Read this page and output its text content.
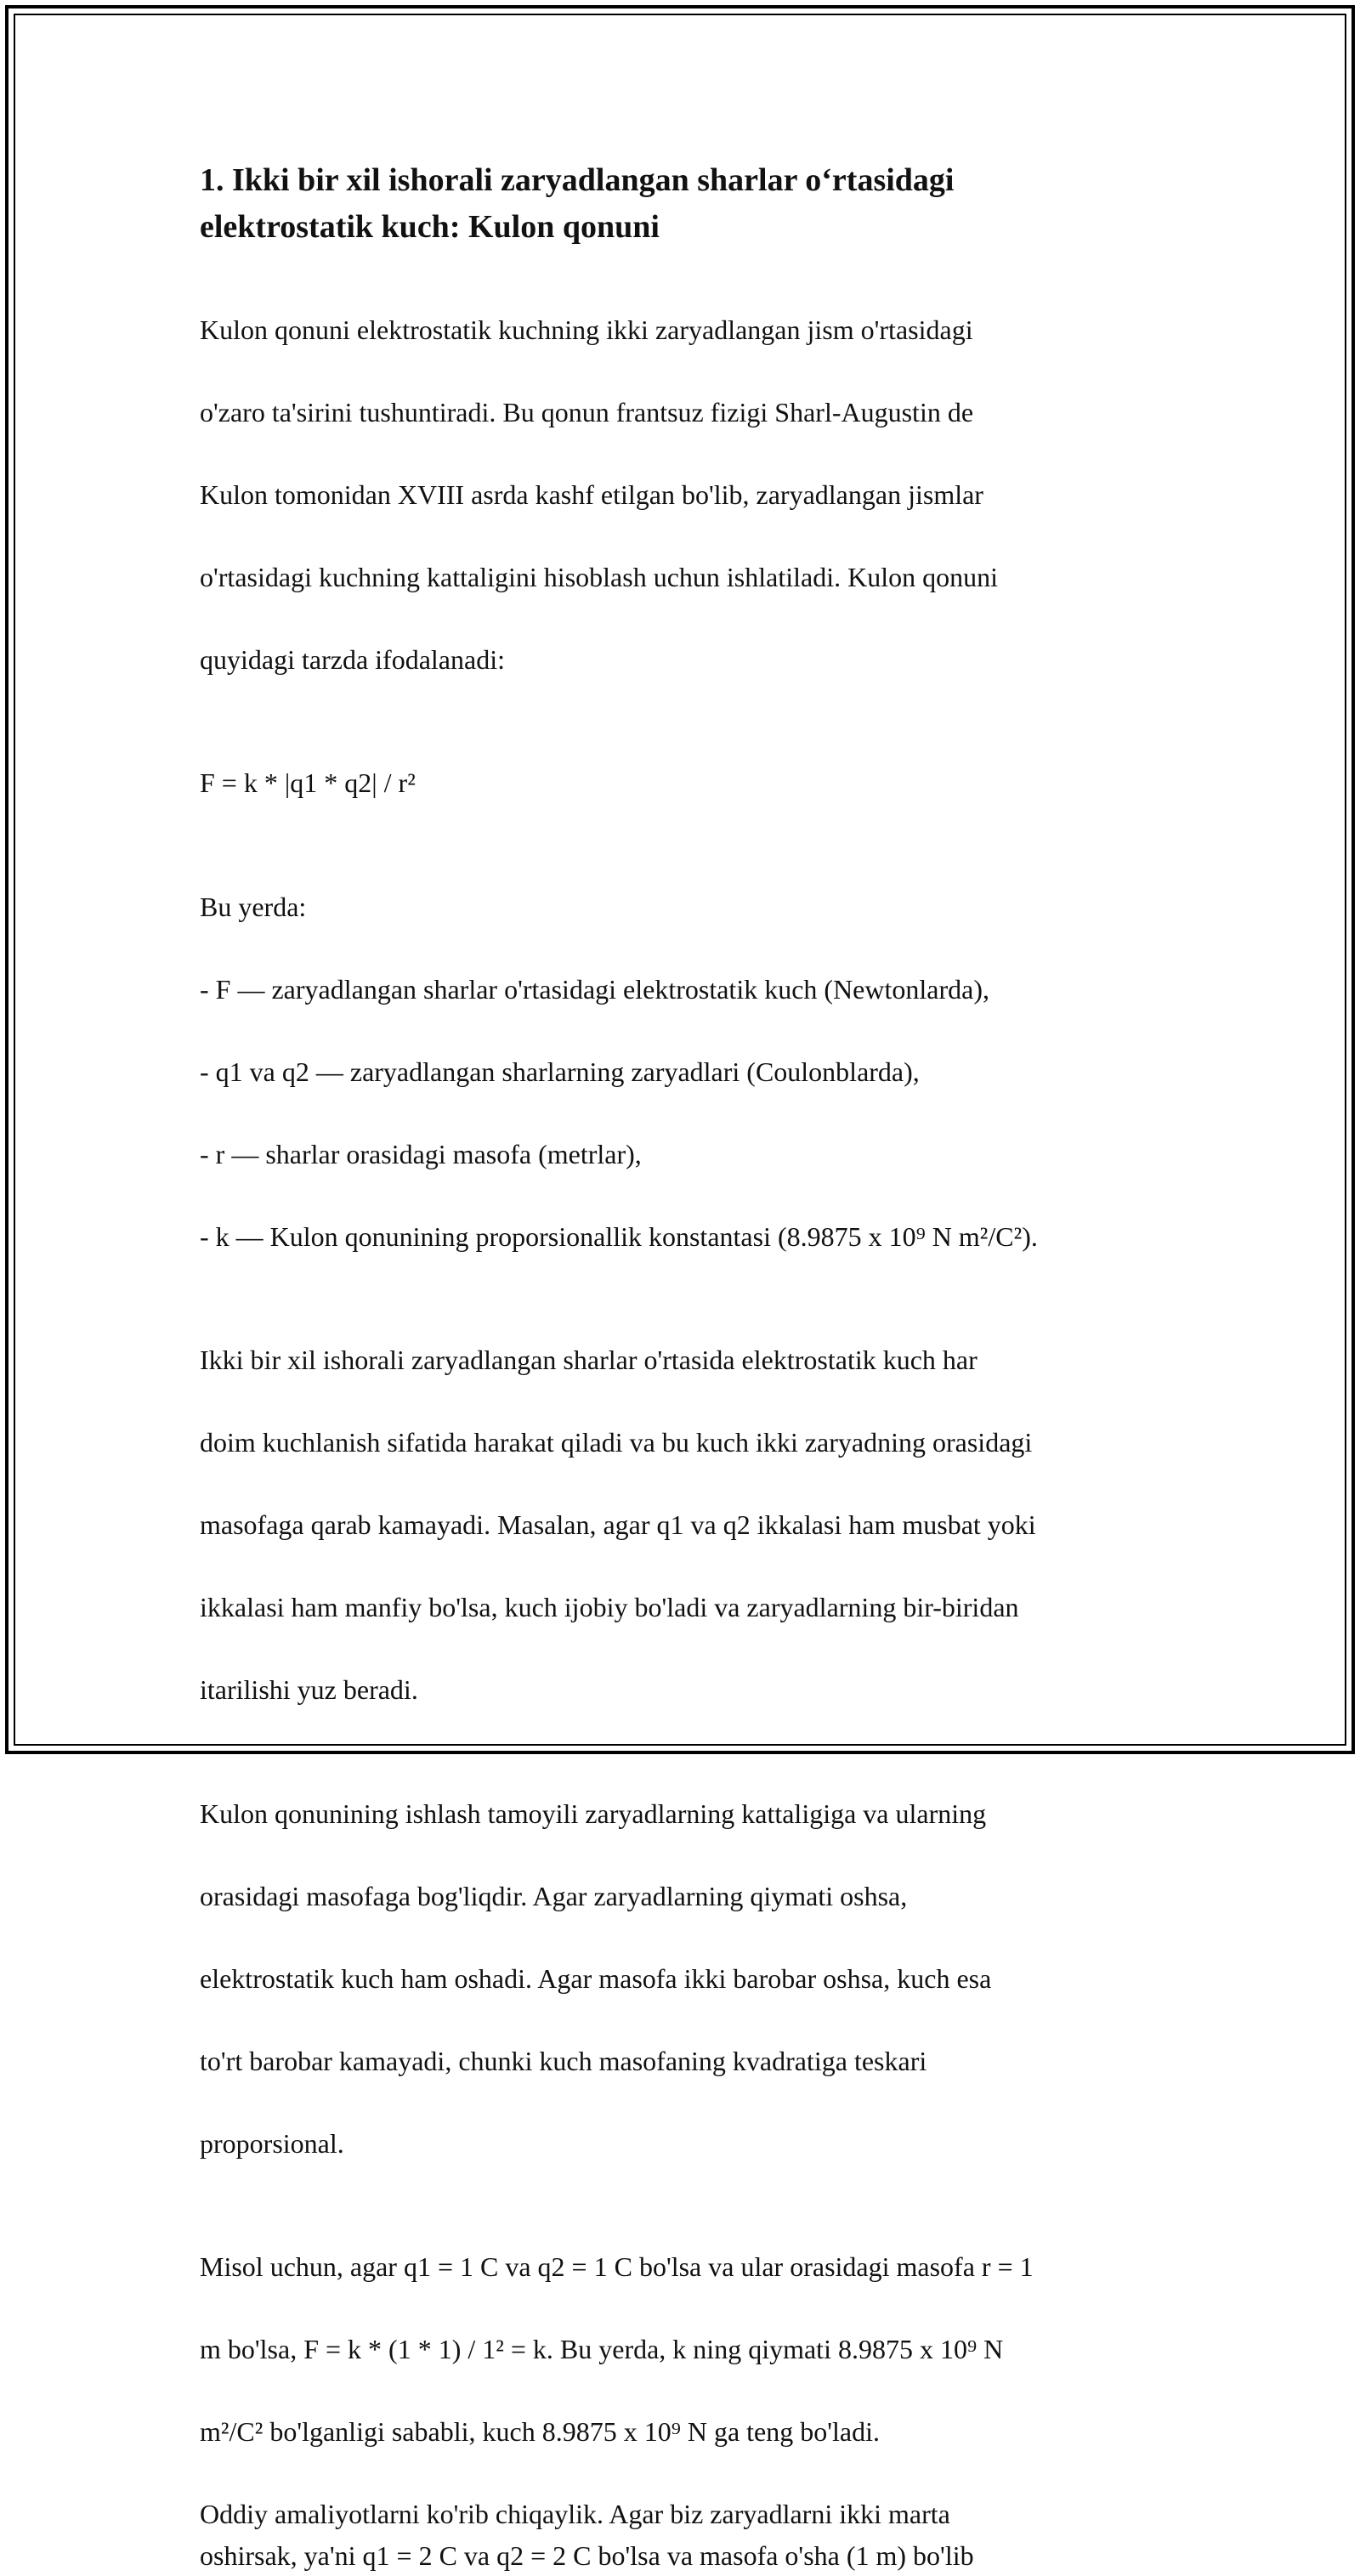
1. Ikki bir xil ishorali zaryadlangan sharlar o‘rtasidagi elektrostatik kuch: Kulon qonuni

Kulon qonuni elektrostatik kuchning ikki zaryadlangan jism o'rtasidagi

o'zaro ta'sirini tushuntiradi. Bu qonun frantsuz fizigi Sharl-Augustin de

Kulon tomonidan XVIII asrda kashf etilgan bo'lib, zaryadlangan jismlar

o'rtasidagi kuchning kattaligini hisoblash uchun ishlatiladi. Kulon qonuni

quyidagi tarzda ifodalanadi:

F = k * |q1 * q2| / r²

Bu yerda:

- F — zaryadlangan sharlar o'rtasidagi elektrostatik kuch (Newtonlarda),

- q1 va q2 — zaryadlangan sharlarning zaryadlari (Coulonblarda),

- r — sharlar orasidagi masofa (metrlar),

- k — Kulon qonunining proporsionallik konstantasi (8.9875 x 10⁹ N m²/C²).

Ikki bir xil ishorali zaryadlangan sharlar o'rtasida elektrostatik kuch har

doim kuchlanish sifatida harakat qiladi va bu kuch ikki zaryadning orasidagi

masofaga qarab kamayadi. Masalan, agar q1 va q2 ikkalasi ham musbat yoki

ikkalasi ham manfiy bo'lsa, kuch ijobiy bo'ladi va zaryadlarning bir-biridan

itarilishi yuz beradi.

Kulon qonunining ishlash tamoyili zaryadlarning kattaligiga va ularning

orasidagi masofaga bog'liqdir. Agar zaryadlarning qiymati oshsa,

elektrostatik kuch ham oshadi. Agar masofa ikki barobar oshsa, kuch esa

to'rt barobar kamayadi, chunki kuch masofaning kvadratiga teskari

proporsional.

Misol uchun, agar q1 = 1 C va q2 = 1 C bo'lsa va ular orasidagi masofa r = 1

m bo'lsa, F = k * (1 * 1) / 1² = k. Bu yerda, k ning qiymati 8.9875 x 10⁹ N

m²/C² bo'lganligi sababli, kuch 8.9875 x 10⁹ N ga teng bo'ladi.

Oddiy amaliyotlarni ko'rib chiqaylik. Agar biz zaryadlarni ikki marta
oshirsak, ya'ni q1 = 2 C va q2 = 2 C bo'lsa va masofa o'sha (1 m) bo'lib
